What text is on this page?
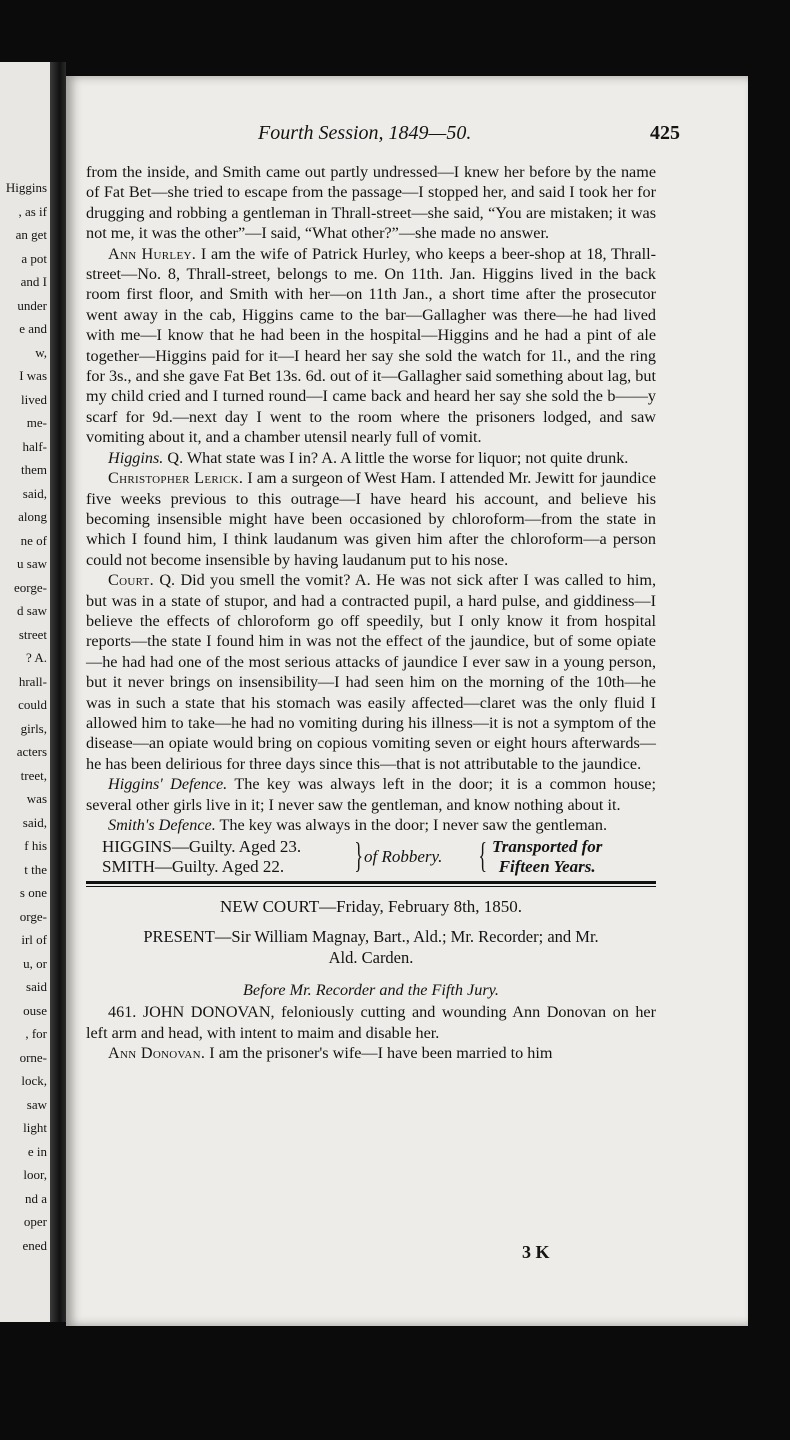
Higgins
, as if
an get
a pot
and I
under
e and
w,
I was
lived
me-
half-
them
said,
along
ne of
u saw
eorge-
d saw
street
? A.
hrall-
could
girls,
acters
treet,
was
said,
f his
t the
s one
orge-
irl of
u, or
said
ouse
, for
orne-
lock,
saw
light
e in
loor,
nd a
oper
ened
Fourth Session, 1849—50.	425

from the inside, and Smith came out partly undressed—I knew her before by the name of Fat Bet—she tried to escape from the passage—I stopped her, and said I took her for drugging and robbing a gentleman in Thrall-street—she said, “You are mistaken; it was not me, it was the other”—I said, “What other?”—she made no answer.

Ann Hurley. I am the wife of Patrick Hurley, who keeps a beer-shop at 18, Thrall-street—No. 8, Thrall-street, belongs to me. On 11th. Jan. Higgins lived in the back room first floor, and Smith with her—on 11th Jan., a short time after the prosecutor went away in the cab, Higgins came to the bar—Gallagher was there—he had lived with me—I know that he had been in the hospital—Higgins and he had a pint of ale together—Higgins paid for it—I heard her say she sold the watch for 1l., and the ring for 3s., and she gave Fat Bet 13s. 6d. out of it—Gallagher said something about lag, but my child cried and I turned round—I came back and heard her say she sold the b——y scarf for 9d.—next day I went to the room where the prisoners lodged, and saw vomiting about it, and a chamber utensil nearly full of vomit.

Higgins. Q. What state was I in? A. A little the worse for liquor; not quite drunk.

Christopher Lerick. I am a surgeon of West Ham. I attended Mr. Jewitt for jaundice five weeks previous to this outrage—I have heard his account, and believe his becoming insensible might have been occasioned by chloroform—from the state in which I found him, I think laudanum was given him after the chloroform—a person could not become insensible by having laudanum put to his nose.

Court. Q. Did you smell the vomit? A. He was not sick after I was called to him, but was in a state of stupor, and had a contracted pupil, a hard pulse, and giddiness—I believe the effects of chloroform go off speedily, but I only know it from hospital reports—the state I found him in was not the effect of the jaundice, but of some opiate—he had had one of the most serious attacks of jaundice I ever saw in a young person, but it never brings on insensibility—I had seen him on the morning of the 10th—he was in such a state that his stomach was easily affected—claret was the only fluid I allowed him to take—he had no vomiting during his illness—it is not a symptom of the disease—an opiate would bring on copious vomiting seven or eight hours afterwards—he has been delirious for three days since this—that is not attributable to the jaundice.

Higgins' Defence. The key was always left in the door; it is a common house; several other girls live in it; I never saw the gentleman, and know nothing about it.

Smith's Defence. The key was always in the door; I never saw the gentleman.

HIGGINS—Guilty. Aged 23.
SMITH—Guilty. Aged 22.	} of Robbery. { Transported for
Fifteen Years.
NEW COURT—Friday, February 8th, 1850.
PRESENT—Sir William Magnay, Bart., Ald.; Mr. Recorder; and Mr.
Ald. Carden.
Before Mr. Recorder and the Fifth Jury.

461. JOHN DONOVAN, feloniously cutting and wounding Ann Donovan on her left arm and head, with intent to maim and disable her.

Ann Donovan. I am the prisoner's wife—I have been married to him

3 K
